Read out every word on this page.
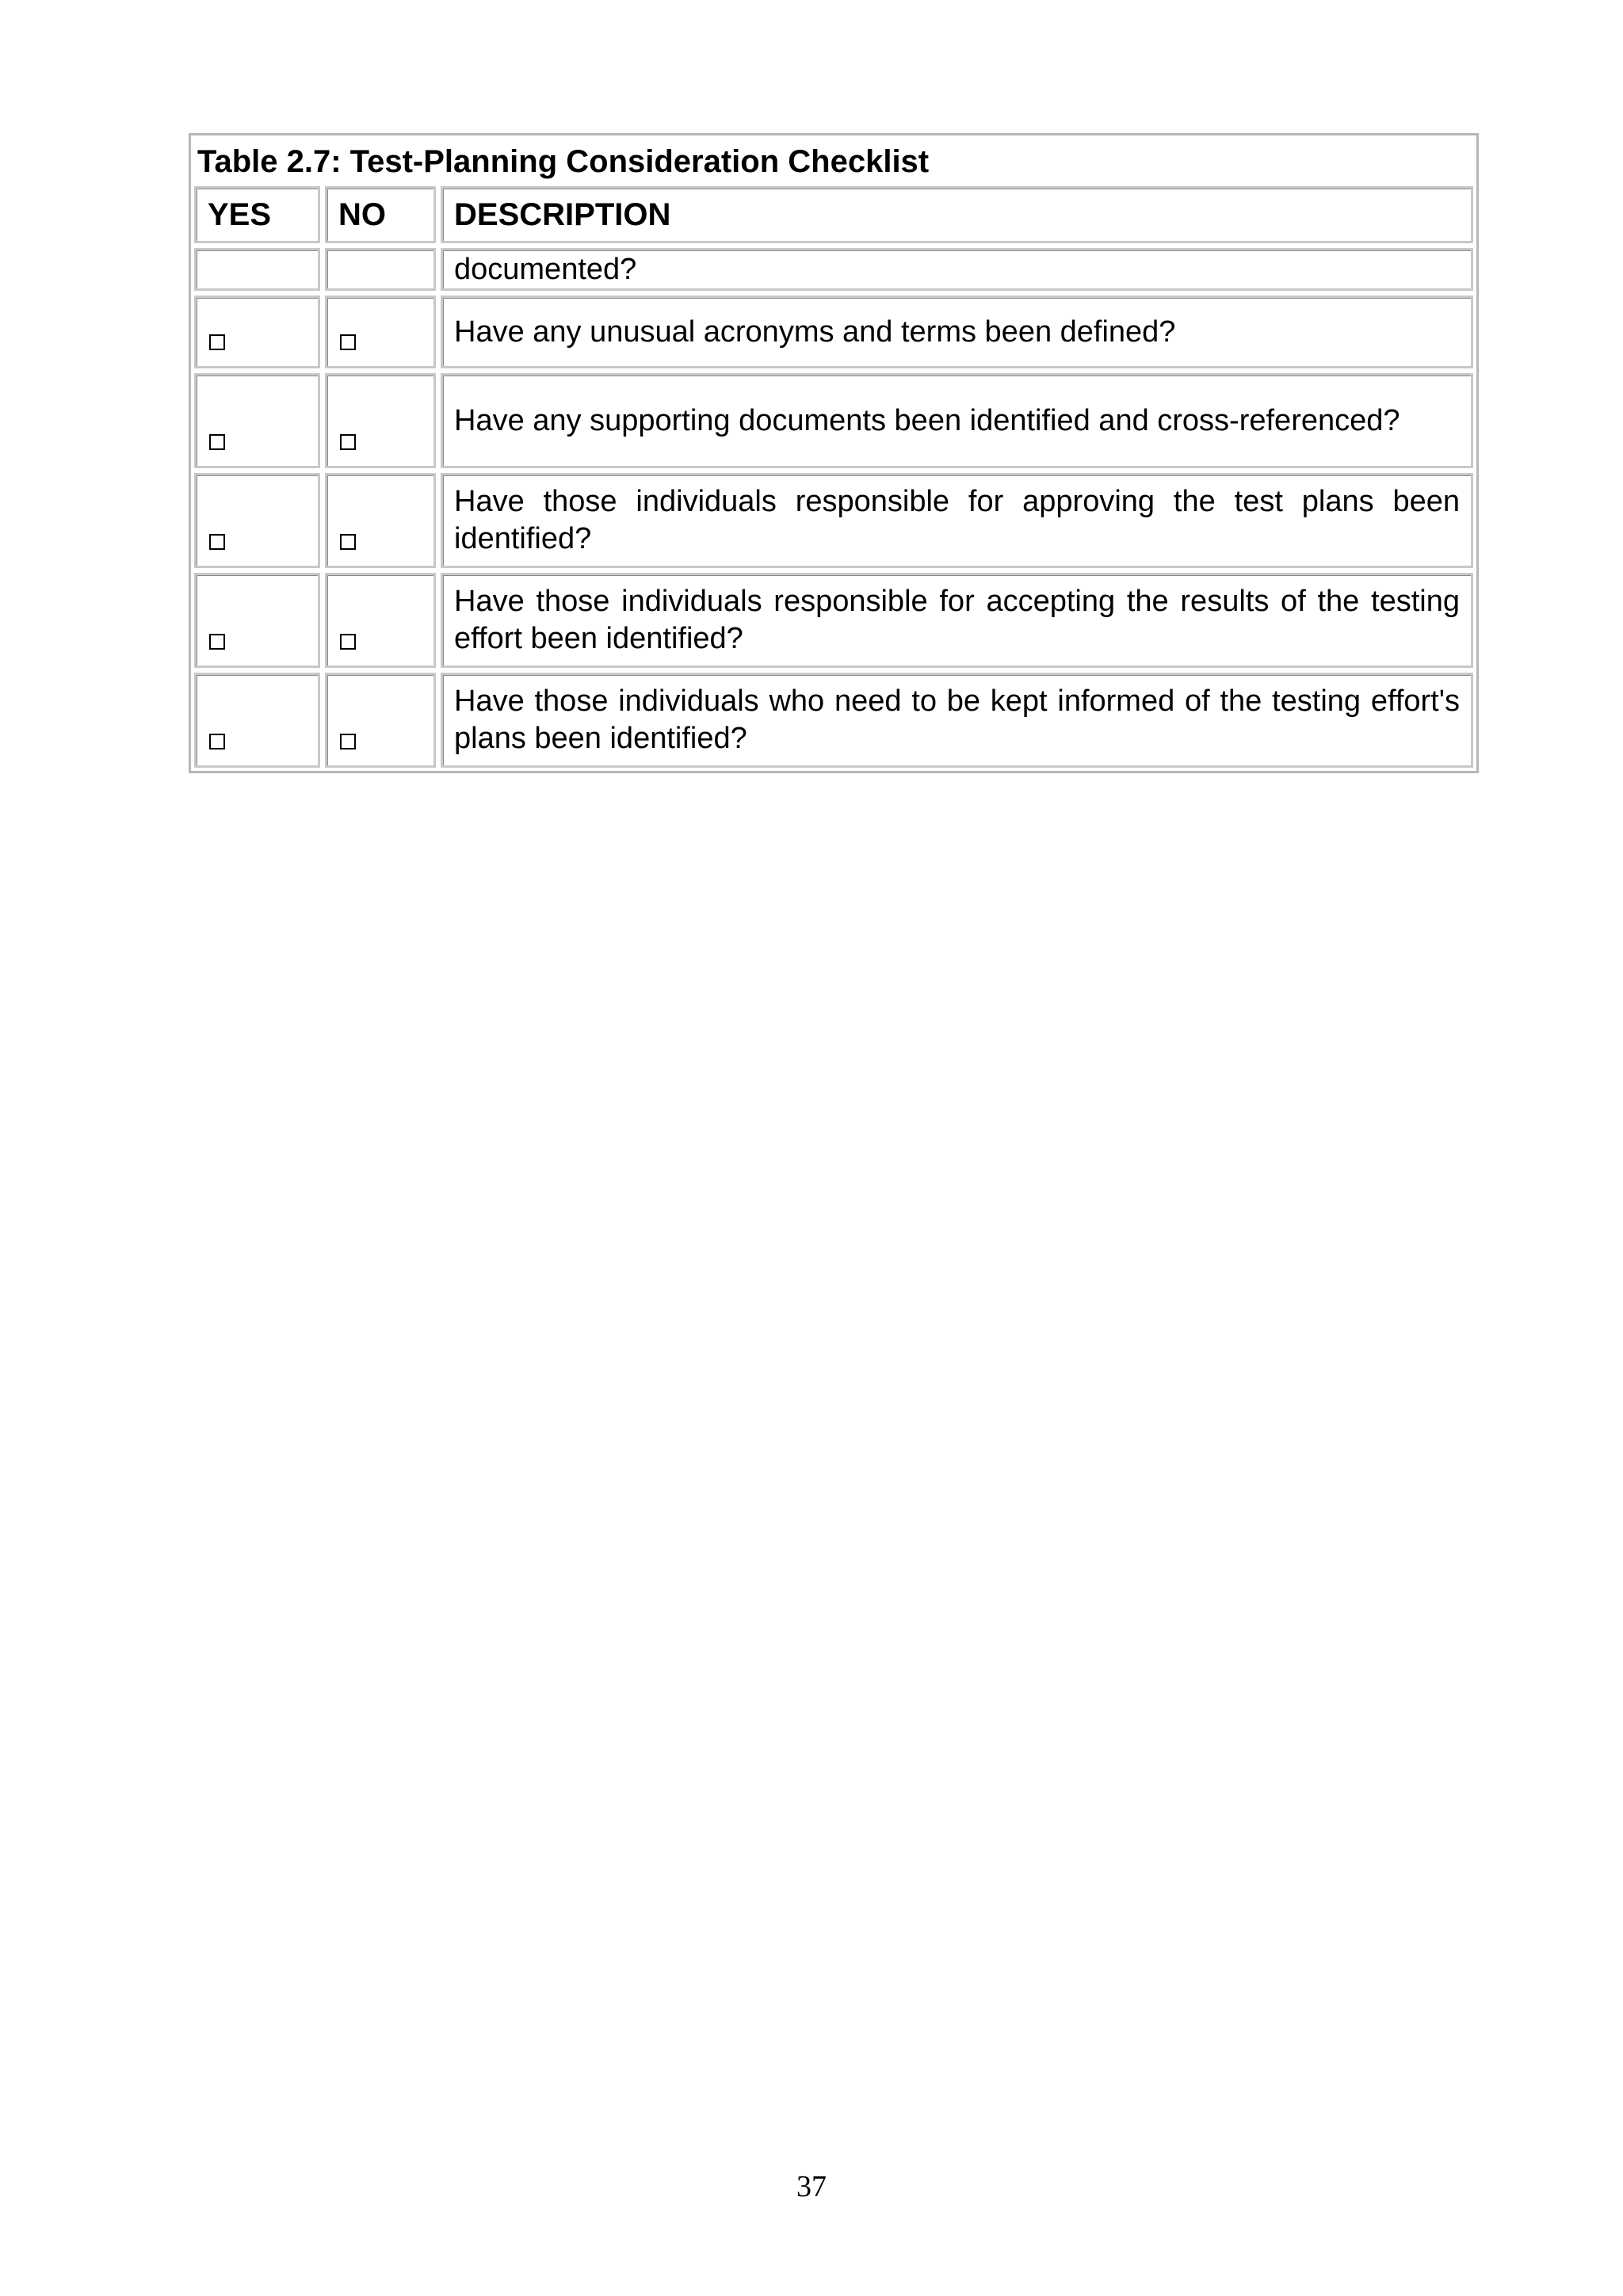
Table 2.7: Test-Planning Consideration Checklist
YES	NO	DESCRIPTION
		documented?
		Have any unusual acronyms and terms been defined?
		Have any supporting documents been identified and cross-referenced?
		Have those individuals responsible for approving the test plans been identified?
		Have those individuals responsible for accepting the results of the testing effort been identified?
		Have those individuals who need to be kept informed of the testing effort's plans been identified?
37
